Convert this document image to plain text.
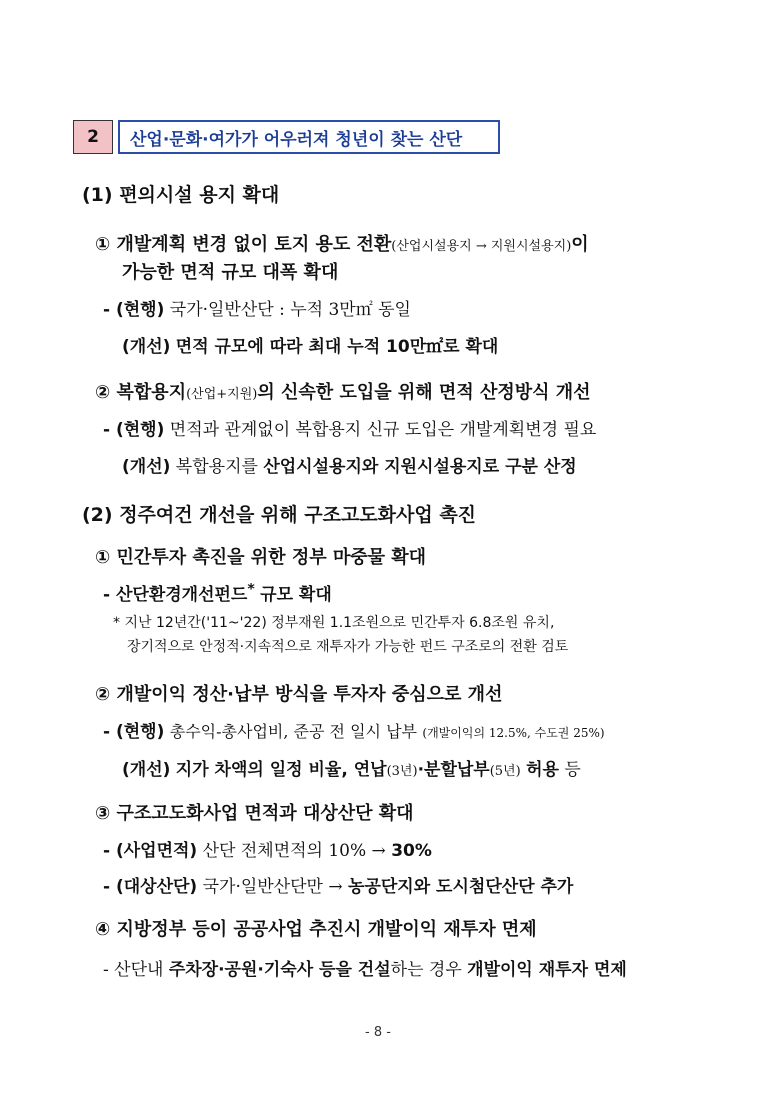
2 산업·문화·여가가 어우러져 청년이 찾는 산단
(1) 편의시설 용지 확대
① 개발계획 변경 없이 토지 용도 전환(산업시설용지 → 지원시설용지)이
가능한 면적 규모 대폭 확대
- (현행) 국가·일반산단 : 누적 3만㎡ 동일
(개선) 면적 규모에 따라 최대 누적 10만㎡로 확대
② 복합용지(산업+지원)의 신속한 도입을 위해 면적 산정방식 개선
- (현행) 면적과 관계없이 복합용지 신규 도입은 개발계획변경 필요
(개선) 복합용지를 산업시설용지와 지원시설용지로 구분 산정
(2) 정주여건 개선을 위해 구조고도화사업 촉진
① 민간투자 촉진을 위한 정부 마중물 확대
- 산단환경개선펀드* 규모 확대
* 지난 12년간('11~'22) 정부재원 1.1조원으로 민간투자 6.8조원 유치,
장기적으로 안정적·지속적으로 재투자가 가능한 펀드 구조로의 전환 검토
② 개발이익 정산·납부 방식을 투자자 중심으로 개선
- (현행) 총수익-총사업비, 준공 전 일시 납부 (개발이익의 12.5%, 수도권 25%)
(개선) 지가 차액의 일정 비율, 연납(3년)·분할납부(5년) 허용 등
③ 구조고도화사업 면적과 대상산단 확대
- (사업면적) 산단 전체면적의 10% → 30%
- (대상산단) 국가·일반산단만 → 농공단지와 도시첨단산단 추가
④ 지방정부 등이 공공사업 추진시 개발이익 재투자 면제
- 산단내 주차장·공원·기숙사 등을 건설하는 경우 개발이익 재투자 면제
- 8 -
